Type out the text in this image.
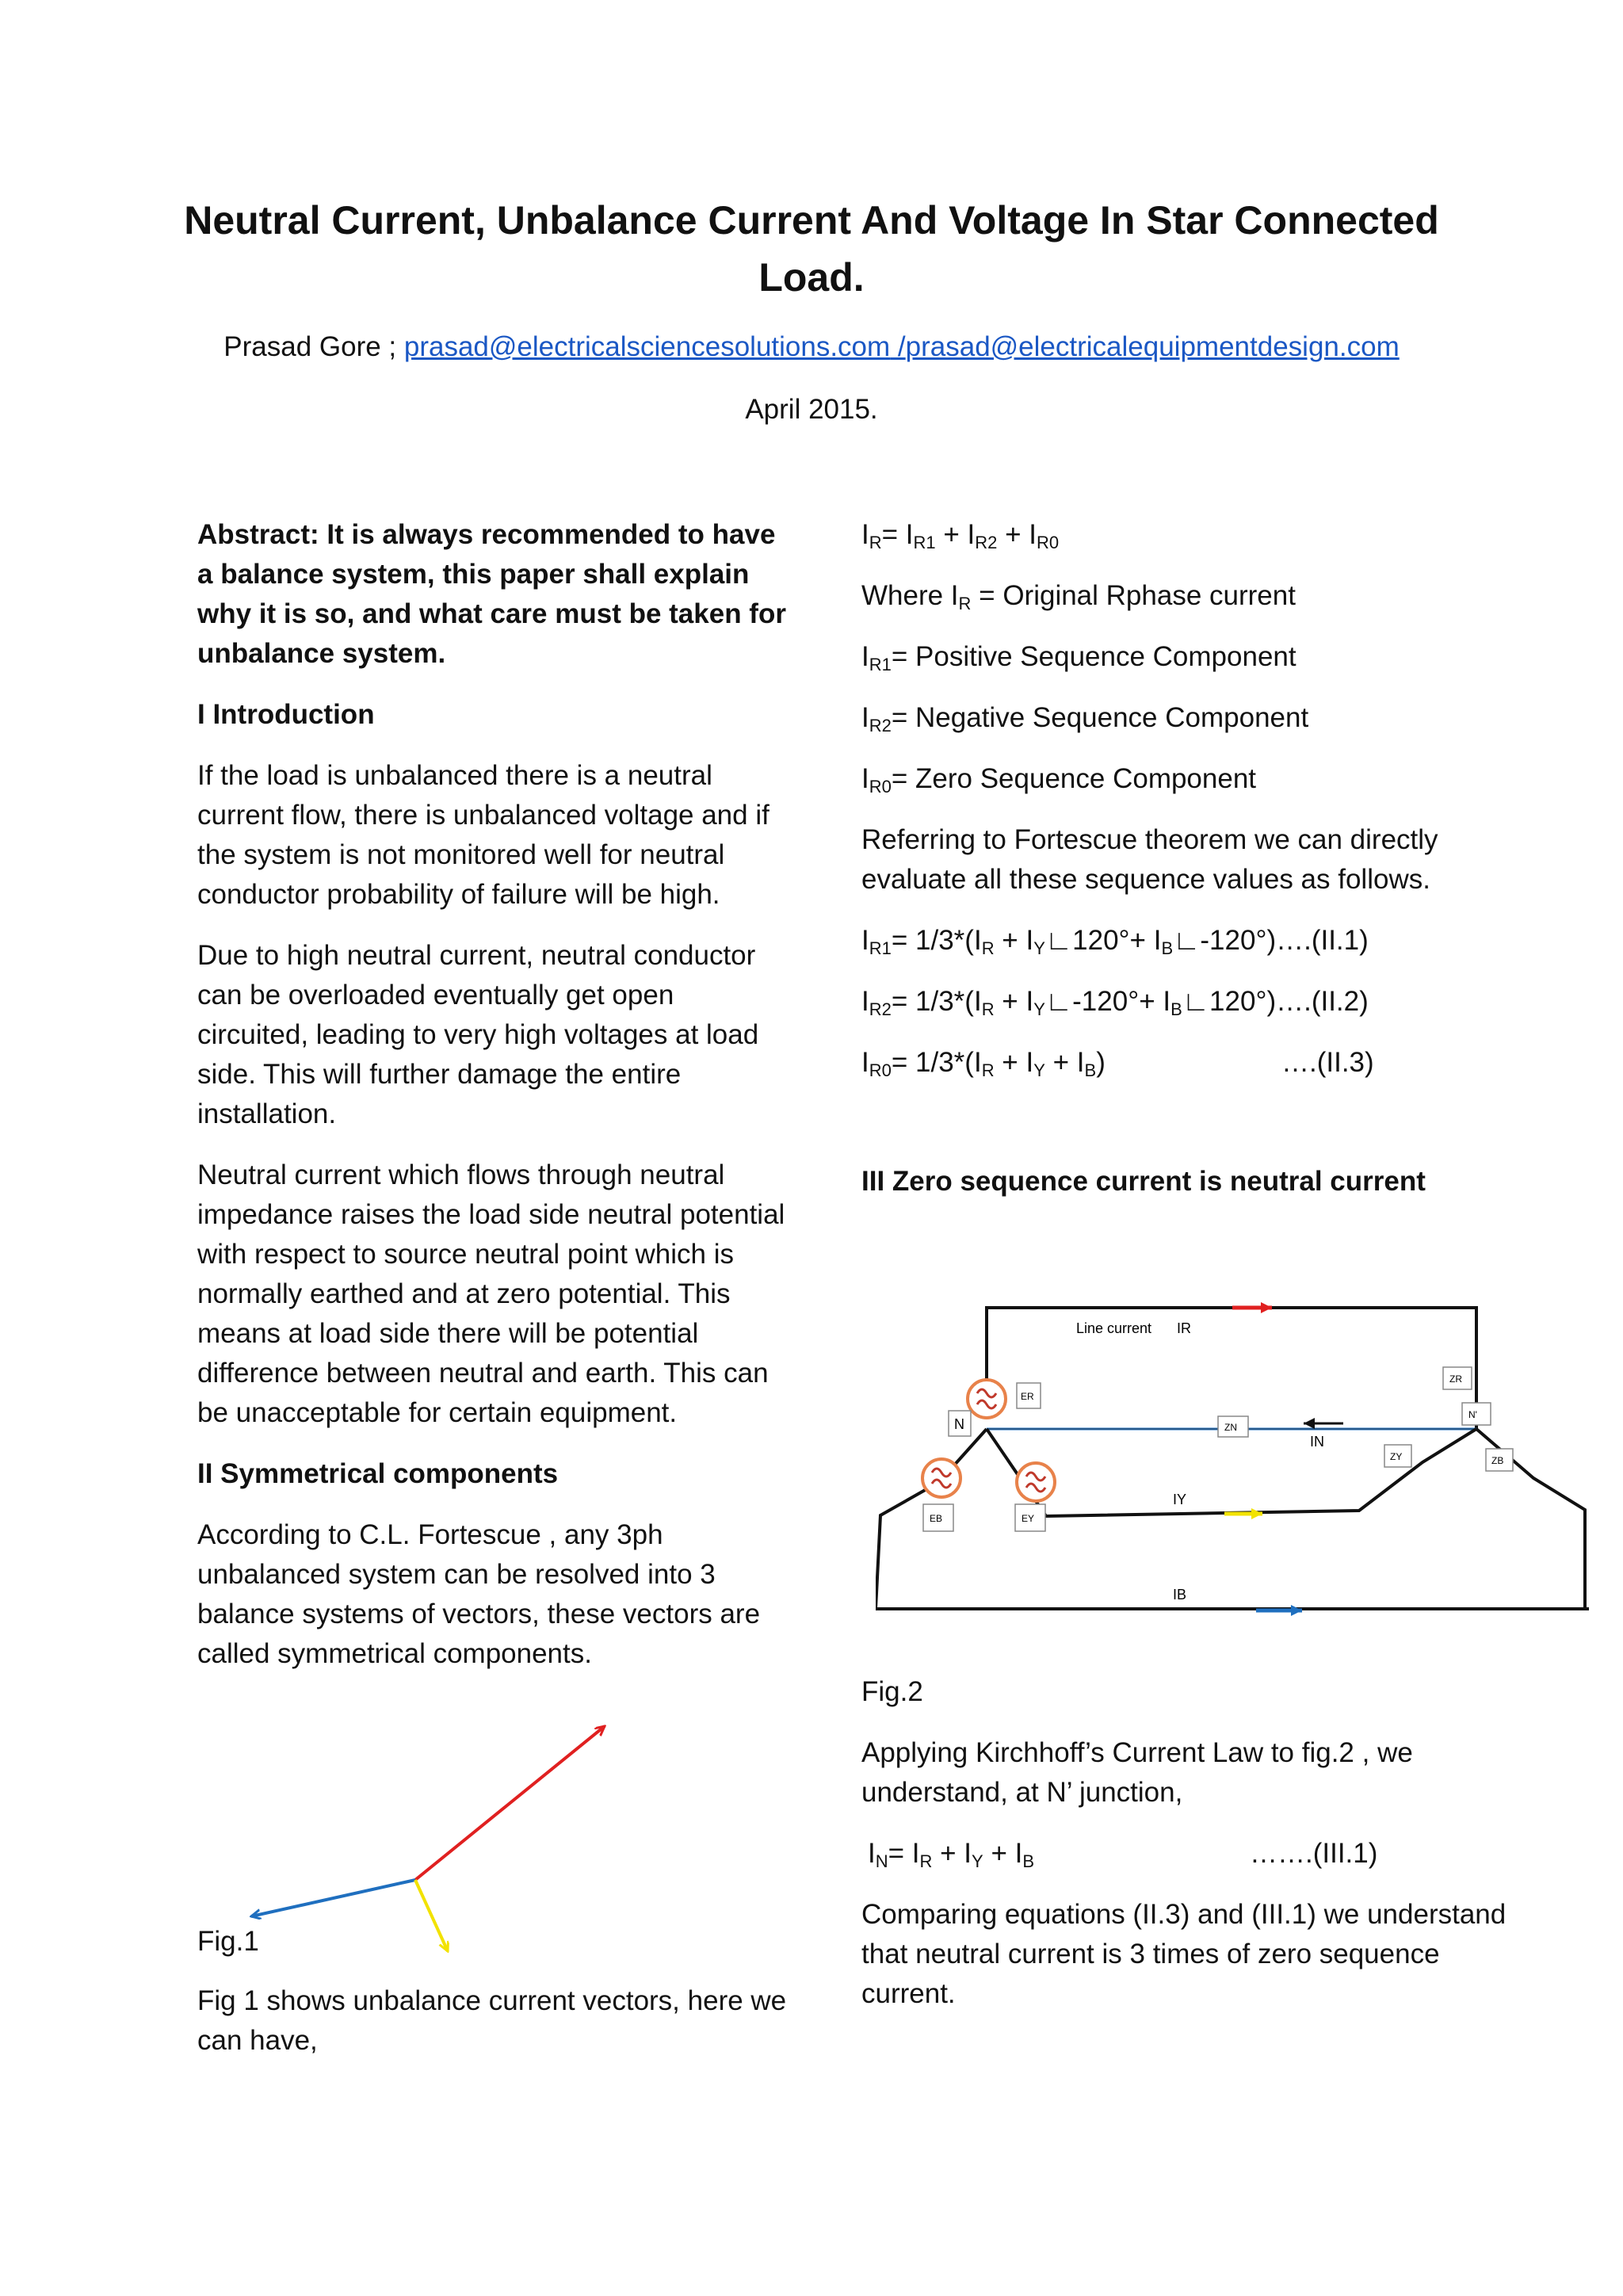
Neutral Current, Unbalance Current And Voltage In Star Connected Load.
Prasad Gore ; prasad@electricalsciencesolutions.com /prasad@electricalequipmentdesign.com
April 2015.

Abstract: It is always recommended to have a balance system, this paper shall explain why it is so, and what care must be taken for unbalance system.

I Introduction

If the load is unbalanced there is a neutral current flow, there is unbalanced voltage and if the system is not monitored well for neutral conductor probability of failure will be high.

Due to high neutral current, neutral conductor can be overloaded eventually get open circuited, leading to very high voltages at load side. This will further damage the entire installation.

Neutral current which flows through neutral impedance raises the load side neutral potential with respect to source neutral point which is normally earthed and at zero potential. This means at load side there will be potential difference between neutral and earth. This can be unacceptable for certain equipment.

II Symmetrical components

According to C.L. Fortescue , any 3ph unbalanced system can be resolved into 3 balance systems of vectors, these vectors are called symmetrical components.

Fig.1
Fig 1 shows unbalance current vectors, here we can have,

$I_R= I_{R1} + I_{R2} + I_{R0}$

Where $I_R$ = Original Rphase current

$I_{R1}=$ Positive Sequence Component

$I_{R2}=$ Negative Sequence Component

$I_{R0}=$ Zero Sequence Component

Referring to Fortescue theorem we can directly evaluate all these sequence values as follows.

$I_{R1}= 1/3*(I_R$ + $I_Y∟120^\circ+$ $I_B∟-120^\circ)\dots.(II.1)$

$I_{R2}= 1/3*(I_R$ + $I_Y∟-120^\circ+$ $I_B∟120^\circ)\dots.(II.2)$

$I_{R0}= 1/3*(I_R + I_Y + I_B)$	….(II.3)

III Zero sequence current is neutral current

Line current IR
ER
N	ZN
IN
ZR
N'
ZY	ZB
EB	EY
IY
IB

Fig.2

Applying Kirchhoff’s Current Law to fig.2 , we understand, at N’ junction,

$I_N= I_R + I_Y + I_B$	…….(III.1)

Comparing equations (II.3) and (III.1) we understand that neutral current is 3 times of zero sequence current.
